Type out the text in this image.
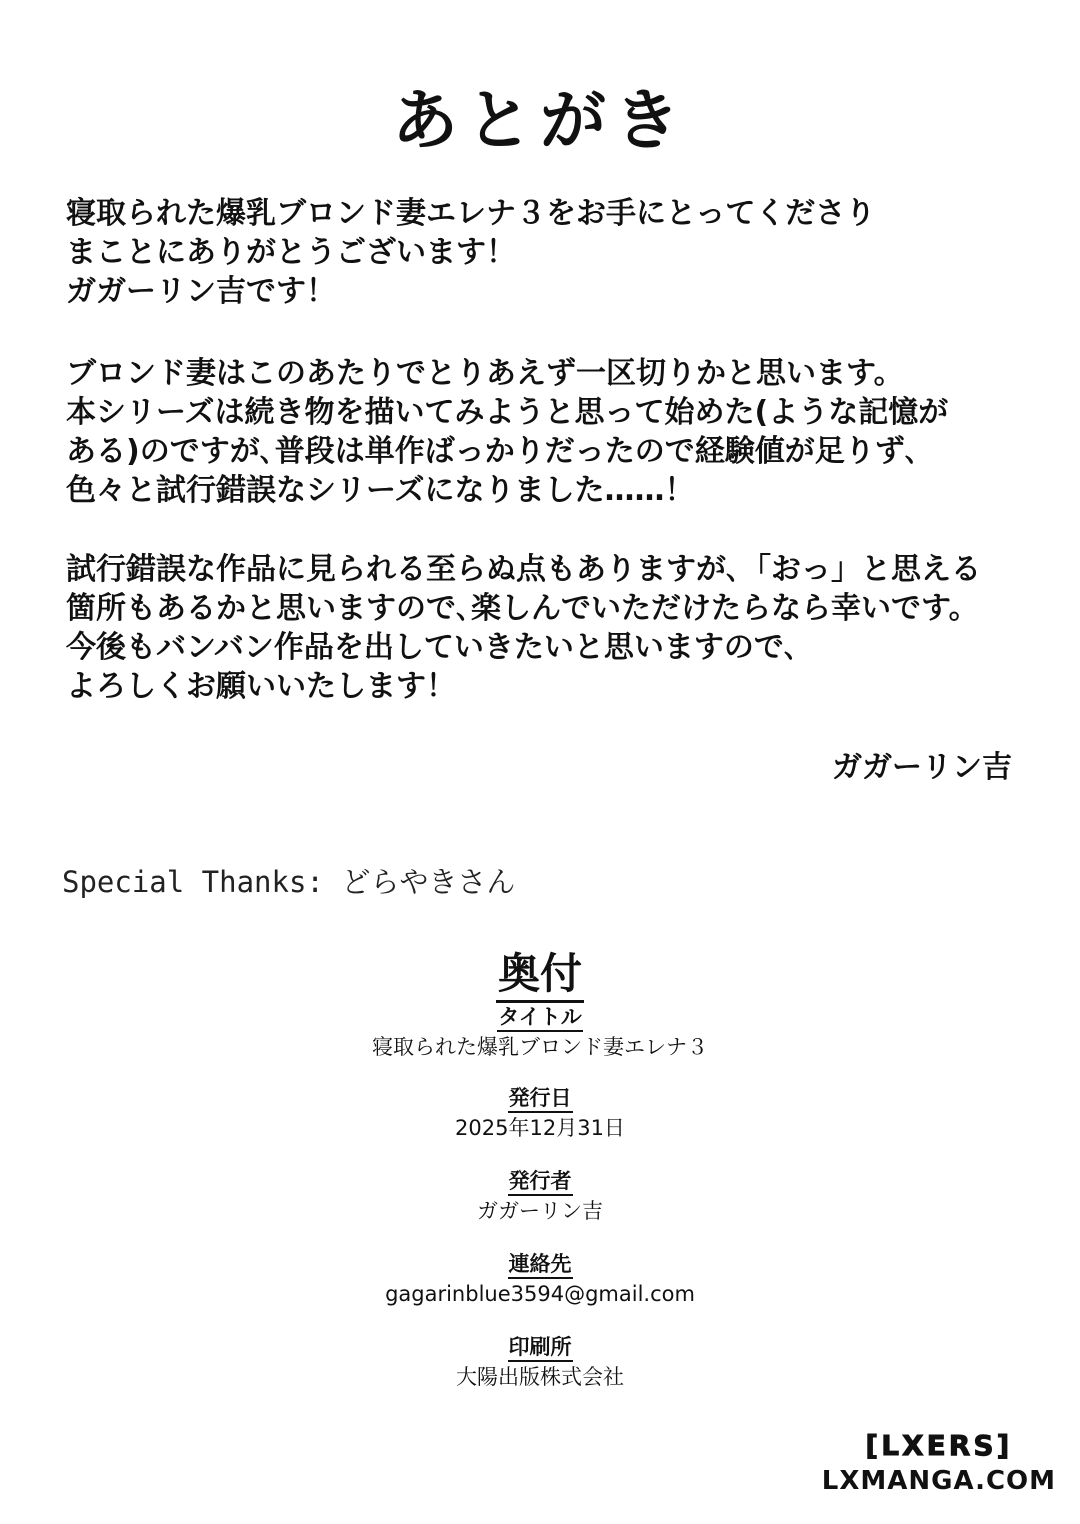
あとがき
寝取られた爆乳ブロンド妻エレナ３をお手にとってくださり
まことにありがとうございます！
ガガーリン吉です！
ブロンド妻はこのあたりでとりあえず一区切りかと思います。
本シリーズは続き物を描いてみようと思って始めた(ような記憶が
ある)のですが､普段は単作ばっかりだったので経験値が足りず､
色々と試行錯誤なシリーズになりました……！
試行錯誤な作品に見られる至らぬ点もありますが､「おっ」と思える
箇所もあるかと思いますので､楽しんでいただけたらなら幸いです。
今後もバンバン作品を出していきたいと思いますので､
よろしくお願いいたします！
ガガーリン吉
Special Thanks: どらやきさん
奥付
タイトル
寝取られた爆乳ブロンド妻エレナ３
発行日
2025年12月31日
発行者
ガガーリン吉
連絡先
gagarinblue3594@gmail.com
印刷所
大陽出版株式会社
[LXERS]
LXMANGA.COM
